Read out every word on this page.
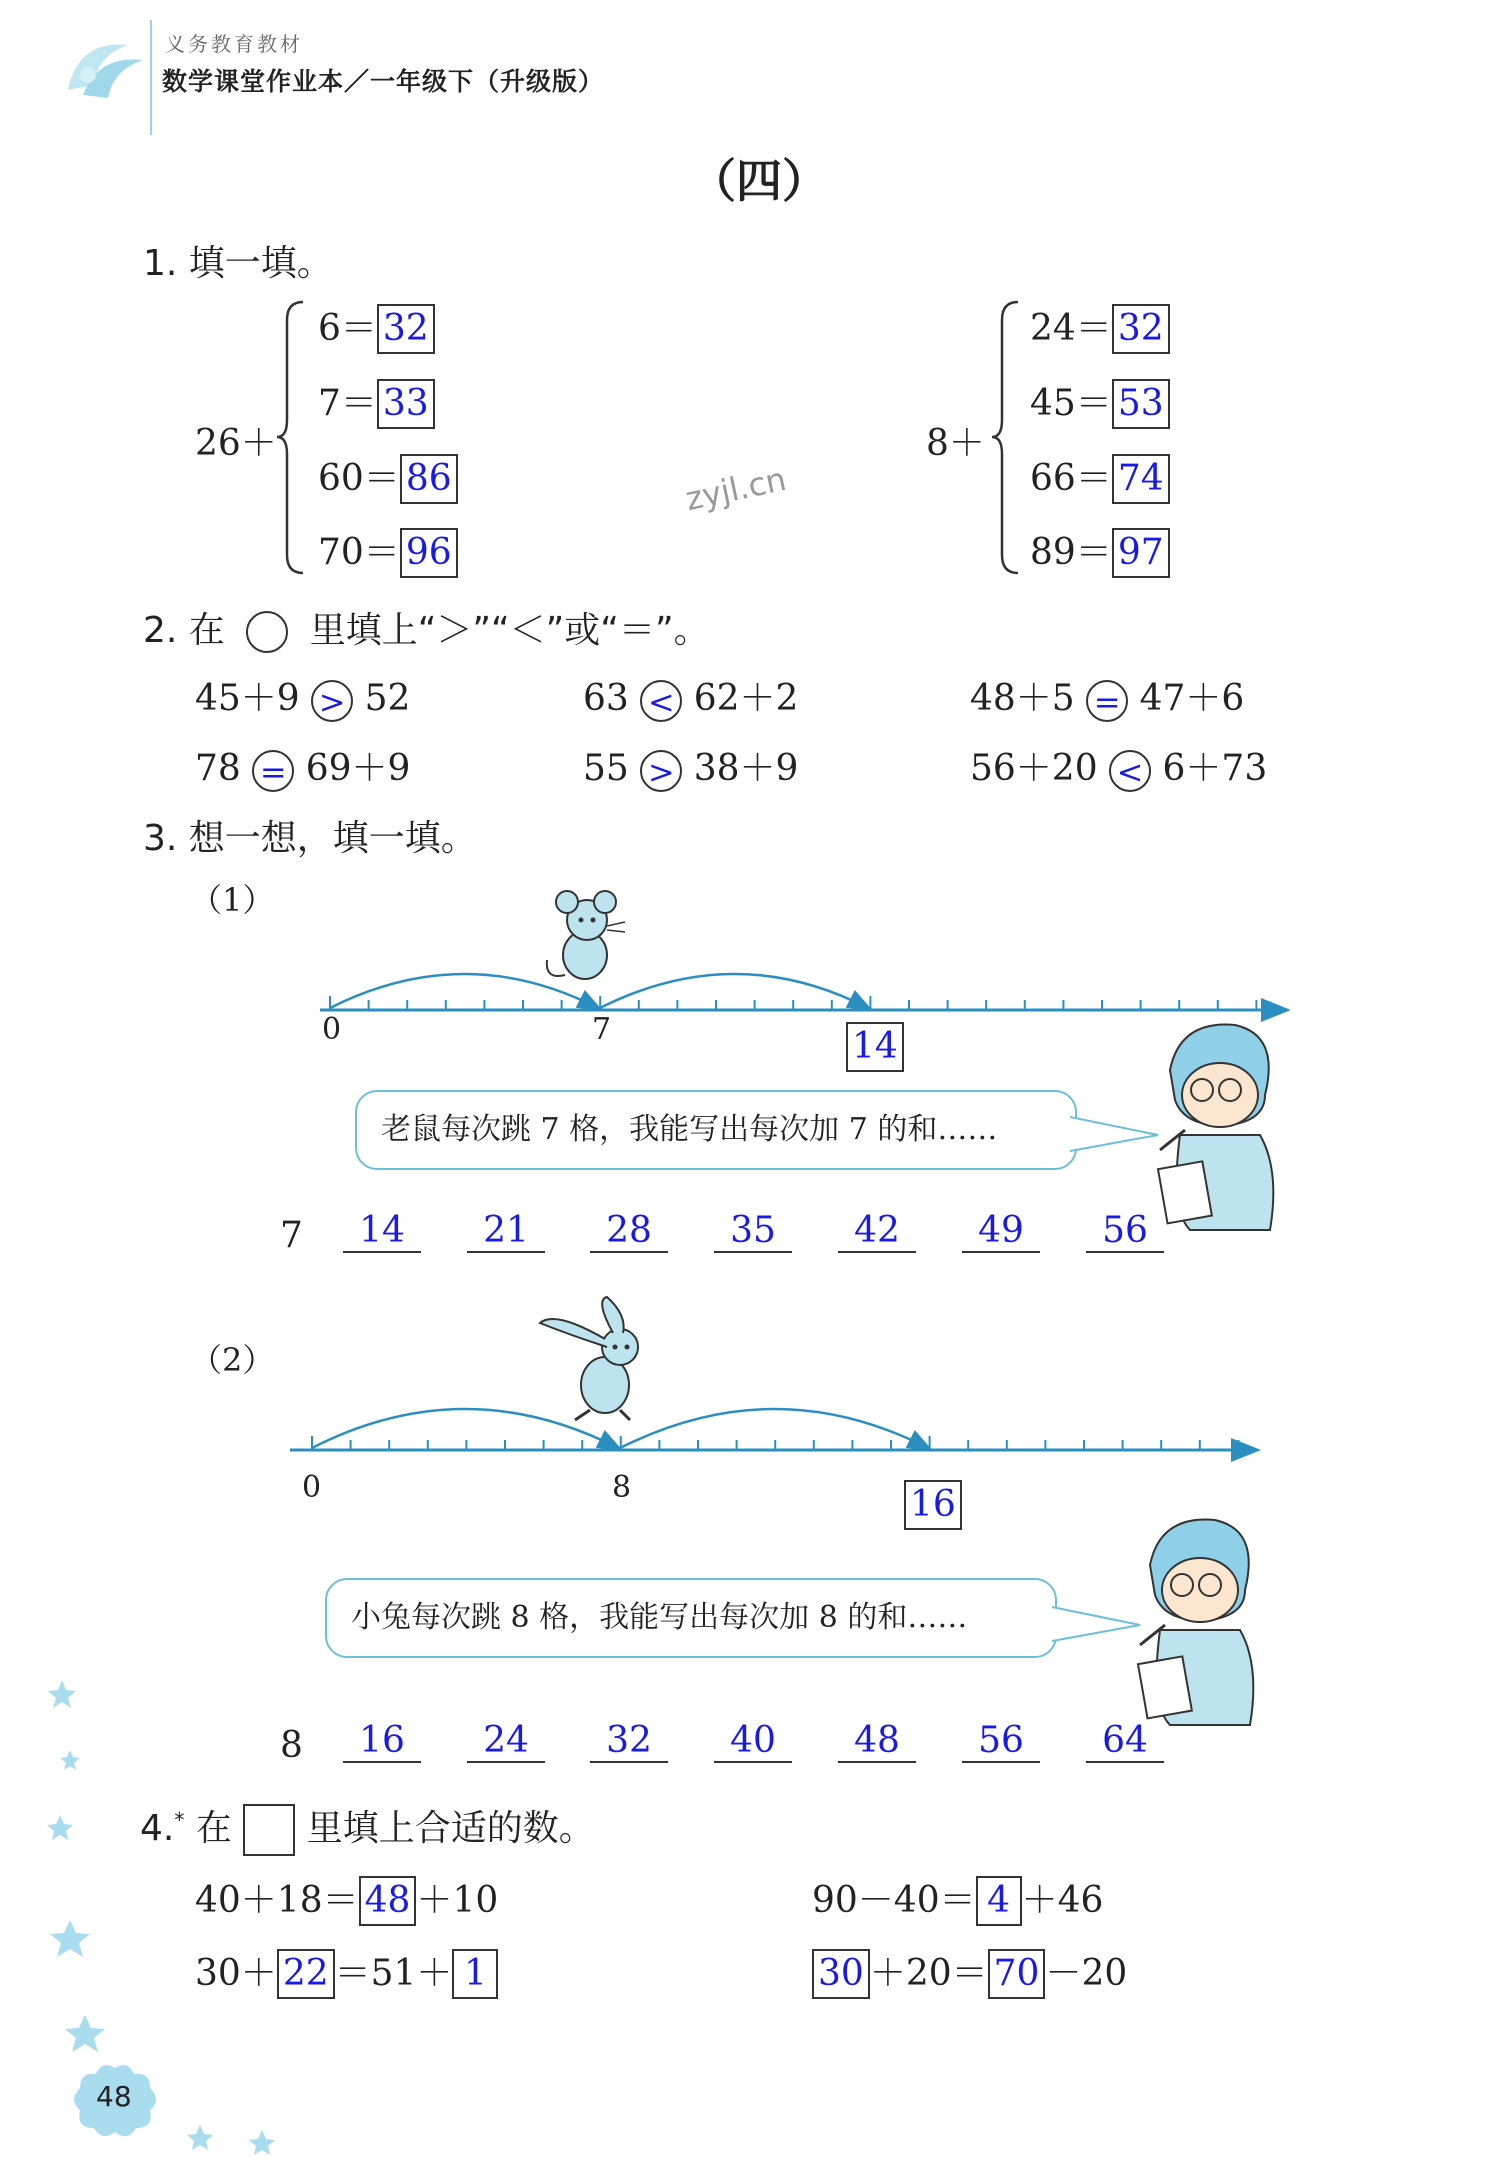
义务教育教材
数学课堂作业本／一年级下（升级版）
（四）
1. 填一填。
26＋
6＝ 32
7＝ 33
60＝ 86
70＝ 96
zyjl.cn
8＋
24＝ 32
45＝ 53
66＝ 74
89＝ 97
2. 在 里填上“＞”“＜”或“＝”。
45＋9 > 52	63 < 62＋2	48＋5 = 47＋6
78 = 69＋9	55 > 38＋9	56＋20 < 6＋73
3. 想一想，填一填。
（1）
0	7	14
老鼠每次跳 7 格，我能写出每次加 7 的和……
7	14	21	28	35	42	49	56
（2）
0	8	16
小兔每次跳 8 格，我能写出每次加 8 的和……
8	16	24	32	40	48	56	64
4.* 在 里填上合适的数。
40＋18＝ 48 ＋10	90－40＝ 4 ＋46
30＋ 22 ＝51＋ 1	30 ＋20＝ 70 －20
48
